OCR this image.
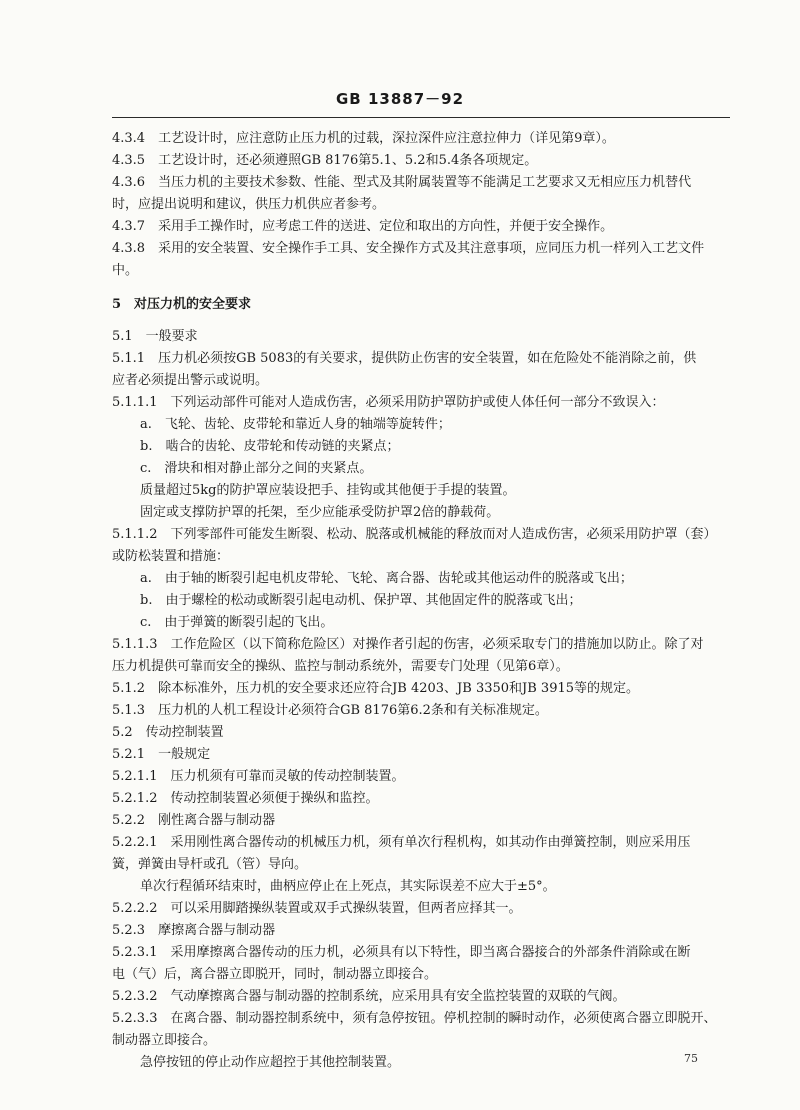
GB 13887－92
4.3.4　工艺设计时，应注意防止压力机的过载，深拉深件应注意拉伸力（详见第9章）。
4.3.5　工艺设计时，还必须遵照GB 8176第5.1、5.2和5.4条各项规定。
4.3.6　当压力机的主要技术参数、性能、型式及其附属装置等不能满足工艺要求又无相应压力机替代
时，应提出说明和建议，供压力机供应者参考。
4.3.7　采用手工操作时，应考虑工件的送进、定位和取出的方向性，并便于安全操作。
4.3.8　采用的安全装置、安全操作手工具、安全操作方式及其注意事项，应同压力机一样列入工艺文件
中。
5　对压力机的安全要求
5.1　一般要求
5.1.1　压力机必须按GB 5083的有关要求，提供防止伤害的安全装置，如在危险处不能消除之前，供
应者必须提出警示或说明。
5.1.1.1　下列运动部件可能对人造成伤害，必须采用防护罩防护或使人体任何一部分不致误入：
a.　飞轮、齿轮、皮带轮和靠近人身的轴端等旋转件；
b.　啮合的齿轮、皮带轮和传动链的夹紧点；
c.　滑块和相对静止部分之间的夹紧点。
质量超过5kg的防护罩应装设把手、挂钩或其他便于手提的装置。
固定或支撑防护罩的托架，至少应能承受防护罩2倍的静载荷。
5.1.1.2　下列零部件可能发生断裂、松动、脱落或机械能的释放而对人造成伤害，必须采用防护罩（套）
或防松装置和措施：
a.　由于轴的断裂引起电机皮带轮、飞轮、离合器、齿轮或其他运动件的脱落或飞出；
b.　由于螺栓的松动或断裂引起电动机、保护罩、其他固定件的脱落或飞出；
c.　由于弹簧的断裂引起的飞出。
5.1.1.3　工作危险区（以下简称危险区）对操作者引起的伤害，必须采取专门的措施加以防止。除了对
压力机提供可靠而安全的操纵、监控与制动系统外，需要专门处理（见第6章）。
5.1.2　除本标准外，压力机的安全要求还应符合JB 4203、JB 3350和JB 3915等的规定。
5.1.3　压力机的人机工程设计必须符合GB 8176第6.2条和有关标准规定。
5.2　传动控制装置
5.2.1　一般规定
5.2.1.1　压力机须有可靠而灵敏的传动控制装置。
5.2.1.2　传动控制装置必须便于操纵和监控。
5.2.2　刚性离合器与制动器
5.2.2.1　采用刚性离合器传动的机械压力机，须有单次行程机构，如其动作由弹簧控制，则应采用压
簧，弹簧由导杆或孔（管）导向。
单次行程循环结束时，曲柄应停止在上死点，其实际误差不应大于±5°。
5.2.2.2　可以采用脚踏操纵装置或双手式操纵装置，但两者应择其一。
5.2.3　摩擦离合器与制动器
5.2.3.1　采用摩擦离合器传动的压力机，必须具有以下特性，即当离合器接合的外部条件消除或在断
电（气）后，离合器立即脱开，同时，制动器立即接合。
5.2.3.2　气动摩擦离合器与制动器的控制系统，应采用具有安全监控装置的双联的气阀。
5.2.3.3　在离合器、制动器控制系统中，须有急停按钮。停机控制的瞬时动作，必须使离合器立即脱开、
制动器立即接合。
急停按钮的停止动作应超控于其他控制装置。	75
